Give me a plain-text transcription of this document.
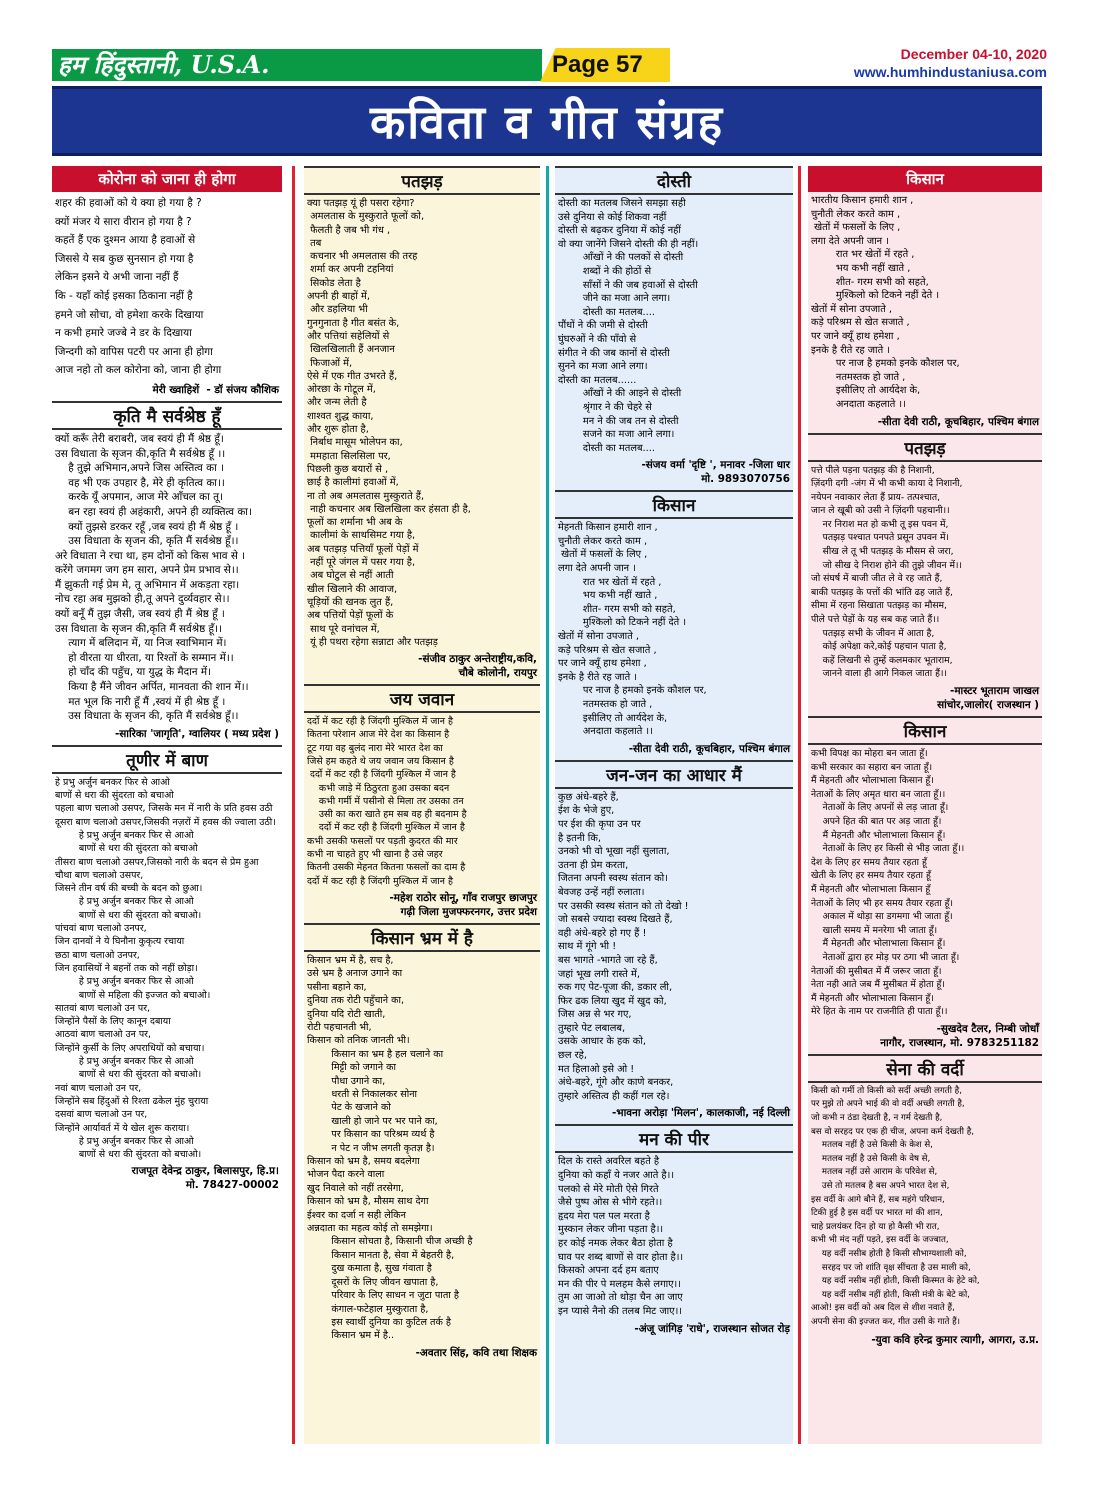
हम हिंदुस्तानी, U.S.A.	Page 57	December 04-10, 2020
www.humhindustaniusa.com
कविता व गीत संग्रह
कोरोना को जाना ही होगा
शहर की हवाओं को ये क्या हो गया है ?
क्यों मंजर ये सारा वीरान हो गया है ?
कहतें हैं एक दुश्मन आया है हवाओं से
जिससे ये सब कुछ सुनसान हो गया है
लेकिन इसने ये अभी जाना नहीं हैं
कि - यहाँ कोई इसका ठिकाना नहीं है
हमने जो सोचा, वो हमेशा करके दिखाया
न कभी हमारे जज्बे ने डर के दिखाया
जिन्दगी को वापिस पटरी पर आना ही होगा
आज नहो तो कल कोरोना को, जाना ही होगा
मेरी ख्वाहिशें  - डॉ संजय कौशिक
कृति मै सर्वश्रेष्ठ हूँ
क्यों करूँ तेरी बराबरी, जब स्वयं ही मैं श्रेष्ठ हूँ।
उस विधाता के सृजन की,कृति मै सर्वश्रेष्ठ हूँ ।।
है तुझे अभिमान,अपने जिस अस्तित्व का ।
वह भी एक उपहार है, मेरे ही कृतित्व का।।
करके यूँ अपमान, आज मेरे आँचल का तू।
बन रहा स्वयं ही अहंकारी, अपने ही व्यक्तित्व का।
क्यों तुझसे डरकर रहूँ ,जब स्वयं ही मैं श्रेष्ठ हूँ ।
उस विधाता के सृजन की, कृति मैं सर्वश्रेष्ठ हूँ।।
अरे विधाता ने रचा था, हम दोनों को किस भाव से ।
करेंगे जगमग जग हम सारा, अपने प्रेम प्रभाव से।।
मैं झुकती गई प्रेम मे, तू अभिमान में अकड़ता रहा।
नोच रहा अब मुझको ही,तू अपने दुर्व्यवहार से।।
क्यों बनूँ मैं तुझ जैसी, जब स्वयं ही मैं श्रेष्ठ हूँ ।
उस विधाता के सृजन की,कृति मैं सर्वश्रेष्ठ हूँ।।
त्याग में बलिदान में, या निज स्वाभिमान में।
हो वीरता या धीरता, या रिश्तों के सम्मान में।।
हो चाँद की पहुँच, या युद्ध के मैदान में।
किया है मैंने जीवन अर्पित, मानवता की शान में।।
मत भूल कि नारी हूँ मैं ,स्वयं में ही श्रेष्ठ हूँ ।
उस विधाता के सृजन की, कृति मैं सर्वश्रेष्ठ हूँ।।
-सारिका 'जागृति', ग्वालियर ( मध्य प्रदेश )
तूणीर में बाण
हे प्रभु अर्जुन बनकर फिर से आओ
बाणों से धरा की सुंदरता को बचाओ
पहला बाण चलाओ उसपर, जिसके मन में नारी के प्रति हवस उठी
दूसरा बाण चलाओ उसपर,जिसकी नज़रों में हवस की ज्वाला उठी।
हे प्रभु अर्जुन बनकर फिर से आओ
बाणों से धरा की सुंदरता को बचाओ
तीसरा बाण चलाओ उसपर,जिसको नारी के बदन से प्रेम हुआ
चौथा बाण चलाओ उसपर,
जिसने तीन वर्ष की बच्ची के बदन को छुआ।
हे प्रभु अर्जुन बनकर फिर से आओ
बाणों से धरा की सुंदरता को बचाओ।
पांचवां बाण चलाओ उनपर,
जिन दानवों ने ये घिनौना कुकृत्य रचाया
छठा बाण चलाओ उनपर,
जिन हवासियों ने बहनों तक को नहीं छोड़ा।
हे प्रभु अर्जुन बनकर फिर से आओ
बाणों से महिला की इज्जत को बचाओ।
सातवां बाण चलाओ उन पर,
जिन्होंने पैसों के लिए कानून दबाया
आठवां बाण चलाओ उन पर,
जिन्होंने कुर्सी के लिए अपराधियों को बचाया।
हे प्रभु अर्जुन बनकर फिर से आओ
बाणों से धरा की सुंदरता को बचाओ।
नवां बाण चलाओ उन पर,
जिन्होंने सब हिंदुओं से रिश्ता ढकेल मुंह चुराया
दसवां बाण चलाओ उन पर,
जिन्होंने आर्यावर्त में ये खेल शुरू कराया।
हे प्रभु अर्जुन बनकर फिर से आओ
बाणों से धरा की सुंदरता को बचाओ।
राजपूत देवेन्द्र ठाकुर, बिलासपुर, हि.प्र।
मो. 78427-00002
पतझड़
क्या पतझड़ यूं ही पसरा रहेगा?
अमलतास के मुस्कुराते फूलों को,
फैलती है जब भी गंध ,
तब
कचनार भी अमलतास की तरह
शर्मा कर अपनी टहनियां
सिकोड लेता है
अपनी ही बाहों में,
और डहलिया भी
गुनगुनाता है गीत बसंत के,
और पत्तियां सहेलियों से
खिलखिलाती हैं अनजान
फिजाओं में,
ऐसे में एक गीत उभरते हैं,
ओरछा के गोटूल में,
और जन्म लेती है
शाश्वत शुद्ध काया,
और शुरू होता है,
निर्बाध मासूम भोलेपन का,
ममहाता सिलसिला पर,
पिछली कुछ बयारों से ,
छाई है कालीमां हवाओं में,
ना तो अब अमलतास मुस्कुराते हैं,
नाही कचनार अब खिलखिला कर हंसता ही है,
फूलों का शर्माना भी अब के
कालीमां के साथसिमट गया है,
अब पतझड़ पत्तियाँ फूलों पेड़ों में
नहीं पूरे जंगल में पसर गया है,
अब घोटुल से नहीं आती
खील खिलाने की आवाज,
चूड़ियों की खनक लुत हैं,
अब पत्तियों पेड़ों फूलों के
साथ पूरे वनांचल में,
यूं ही पथरा रहेगा सन्नाटा और पतझड़
-संजीव ठाकुर अन्तेराष्ट्रीय,कवि,
चौबे कोलोनी, रायपुर
जय जवान
दर्दो में कट रही है जिंदगी मुश्किल में जान है
कितना परेशान आज मेरे देश का किसान है
टूट गया वह बुलंद नारा मेरे भारत देश का
जिसे हम कहते थे जय जवान जय किसान है
दर्दो में कट रही है जिंदगी मुश्किल में जान है
कभी जाड़े में ठिठुरता हुआ उसका बदन
कभी गर्मी में पसीनो से मिला तर उसका तन
उसी का करा खाते हम सब वह ही बदनाम है
दर्दो में कट रही है जिंदगी मुश्किल में जान है
कभी उसकी फसलों पर पड़ती कुदरत की मार
कभी ना चाहते हुए भी खाना है उसे जहर
कितनी उसकी मेहनत कितना फसलों का दाम है
दर्दो में कट रही है जिंदगी मुश्किल में जान है
-महेश राठोर सोनू, गाँव राजपुर छाजपुर
गढ़ी जिला मुजफ्फरनगर, उत्तर प्रदेश
किसान भ्रम में है
किसान भ्रम में है, सच है,
उसे भ्रम है अनाज उगाने का
पसीना बहाने का,
दुनिया तक रोटी पहुँचाने का,
दुनिया यदि रोटी खाती,
रोटी पहचानती भी,
किसान को तनिक जानती भी।
किसान का भ्रम है हल चलाने का
मिट्टी को जगाने का
पौधा उगाने का,
धरती से निकालकर सोना
पेट के खजाने को
खाली हो जाने पर भर पाने का,
पर किसान का परिश्रम व्यर्थ है
न पेट न जीभ लगती कृतज्ञ है।
किसान को भ्रम है, समय बदलेगा
भोजन पैदा करने वाला
खुद निवाले को नहीं तरसेगा,
किसान को भ्रम है, मौसम साथ देगा
ईश्वर का दर्जा न सही लेकिन
अन्नदाता का महत्व कोई तो समझेगा।
किसान सोचता है, किसानी चीज अच्छी है
किसान मानता है, सेवा में बेहतरी है,
दुख कमाता है, सुख गंवाता है
दूसरों के लिए जीवन खपाता है,
परिवार के लिए साधन न जुटा पाता है
कंगाल-फटेहाल मुस्कुराता है,
इस स्वार्थी दुनिया का कुटिल तर्क है
किसान भ्रम में है..
-अवतार सिंह, कवि तथा शिक्षक
दोस्ती
दोस्ती का मतलब जिसने समझा सही
उसे दुनिया से कोई शिकवा नहीं
दोस्ती से बढ़कर दुनिया में कोई नहीं
वो क्या जानेंगे जिसने दोस्ती की ही नहीं।
आँखों ने की पलकों से दोस्ती
शब्दों ने की होठों से
साँसों ने की जब हवाओं से दोस्ती
जीने का मजा आने लगा।
दोस्ती का मतलब....
पौंधों ने की जमी से दोस्ती
घुंघरुओं ने की पाँवो से
संगीत ने की जब कानों से दोस्ती
सुनने का मजा आने लगा।
दोस्ती का मतलब......
आँखों ने की आइने से दोस्ती
श्रृंगार ने की चेहरे से
मन ने की जब तन से दोस्ती
सजने का मजा आने लगा।
दोस्ती का मतलब....
-संजय वर्मा 'दृष्टि ', मनावर -जिला धार
मो. 9893070756
किसान
मेहनती किसान हमारी शान ,
चुनौती लेकर करते काम ,
खेतों में फसलों के लिए ,
लगा देते अपनी जान ।
रात भर खेतों में रहते ,
भय कभी नहीं खाते ,
शीत- गरम सभी को सहते,
मुश्किलो को टिकने नहीं देते ।
खेतों में सोना उपजाते ,
कड़े परिश्रम से खेत सजाते ,
पर जाने क्यूँ हाथ हमेशा ,
इनके है रीते रह जाते ।
पर नाज है हमको इनके कौशल पर,
नतमस्तक हो जाते ,
इसीलिए तो आर्यदेश के,
अनदाता कहलाते ।।
-सीता देवी राठी, कूचबिहार, पश्चिम बंगाल
जन-जन का आधार मैं
कुछ अंधे-बहरे हैं,
ईश के भेजे हुए,
पर ईश की कृपा उन पर
है इतनी कि,
उनको भी वो भूखा नहीं सुलाता,
उतना ही प्रेम करता,
जितना अपनी स्वस्थ संतान को।
बेवजह उन्हें नहीं रुलाता।
पर उसकी स्वस्थ संतान को तो देखो !
जो सबसे ज्यादा स्वस्थ दिखते हैं,
वही अंधे-बहरे हो गए हैं !
साथ में गूंगे भी !
बस भागते -भागते जा रहे हैं,
जहां भूख लगी रास्ते में,
रुक गए पेट-पूजा की, डकार ली,
फिर ढक लिया खुद में खुद को,
जिस अन्न से भर गए,
तुम्हारे पेट लबालब,
उसके आधार के हक को,
छल रहे,
मत हिलाओ इसे ओ !
अंधे-बहरे, गूंगे और काणे बनकर,
तुम्हारे अस्तित्व ही कहीं गल रहे।
-भावना अरोड़ा 'मिलन', कालकाजी, नई दिल्ली
मन की पीर
दिल के रास्ते अवरिल बहते है
दुनिया को कहाँ ये नजर आते है।।
पलको से मेरे मोती ऐसे गिरते
जैसे पुष्प ओस से भीगे रहते।।
हृदय मेरा पल पल मरता है
मुस्कान लेकर जीना पड़ता है।।
हर कोई नमक लेकर बैठा होता है
घाव पर शब्द बाणों से वार होता है।।
किसको अपना दर्द हम बताए
मन की पीर पे मलहम कैसे लगाए।।
तुम आ जाओ तो थोड़ा चैन आ जाए
इन प्यासे नैनो की तलब मिट जाए।।
-अंजू जांगिड़ 'राधे', राजस्थान सोजत रोड़
किसान
भारतीय किसान हमारी शान ,
चुनौती लेकर करते काम ,
खेतों में फसलों के लिए ,
लगा देते अपनी जान ।
रात भर खेतों में रहते ,
भय कभी नहीं खाते ,
शीत- गरम सभी को सहते,
मुश्किलो को टिकने नहीं देते ।
खेतों में सोना उपजाते ,
कड़े परिश्रम से खेत सजाते ,
पर जाने क्यूँ हाथ हमेशा ,
इनके है रीते रह जाते ।
पर नाज है हमको इनके कौशल पर,
नतमस्तक हो जाते ,
इसीलिए तो आर्यदेश के,
अनदाता कहलाते ।।
-सीता देवी राठी, कूचबिहार, पश्चिम बंगाल
पतझड़
पत्ते पीले पड़ना पतझड़ की है निशानी,
ज़िंदगी दगी -जंग में भी कभी काया दे निशानी,
नयेपन नवाकार लेता हैं प्राय- तत्पश्चात,
जान ले खूबी को उसी ने ज़िंदगी पहचानी।।
नर निराश मत हो कभी तू इस पवन में,
पतझड़ पश्चात पनपते प्रसून उपवन में।
सीख ले तू भी पतझड़ के मौसम से जरा,
जो सीख दे निराश होने की तुझे जीवन में।।
जो संघर्ष में बाजी जीत ले वे रह जाते हैं,
बाकी पतझड़ के पत्तों की भांति ढह जाते हैं,
सीमा में रहना सिखाता पतझड़ का मौसम,
पीले पत्ते पेड़ों के यह सब कह जाते हैं।।
पतझड़ सभी के जीवन में आता है,
कोई अपेक्षा करे,कोई पहचान पाता है,
कहें लिखनी से तुम्हें कलमकार भूताराम,
जानने वाला ही आगे निकल जाता हैं।।
-मास्टर भूताराम जाखल
सांचोर,जालोर( राजस्थान )
किसान
कभी विपक्ष का मोहरा बन जाता हूँ।
कभी सरकार का सहारा बन जाता हूँ।
मैं मेहनती और भोलाभाला किसान हूँ।
नेताओं के लिए अमृत धारा बन जाता हूँ।।
नेताओं के लिए अपनों से लड़ जाता हूँ।
अपने हित की बात पर अड़ जाता हूँ।
मैं मेहनती और भोलाभाला किसान हूँ।
नेताओं के लिए हर किसी से भीड़ जाता हूँ।।
देश के लिए हर समय तैयार रहता हूँ
खेती के लिए हर समय तैयार रहता हूँ
मैं मेहनती और भोलाभाला किसान हूँ
नेताओं के लिए भी हर समय तैयार रहता हूँ।
अकाल में थोड़ा सा डगमगा भी जाता हूँ।
खाली समय में मनरेगा भी जाता हूँ।
मैं मेहनती और भोलाभाला किसान हूँ।
नेताओं द्वारा हर मोड़ पर ठगा भी जाता हूँ।
नेताओं की मुसीबत में मैं जरूर जाता हूँ।
नेता नही आते जब मैं मुसीबत में होता हूँ।
मैं मेहनती और भोलाभाला किसान हूँ।
मेरे हित के नाम पर राजनीति ही पाता हूँ।।
-सुखदेव टैलर, निम्बी जोधाँ
नागौर, राजस्थान, मो. 9783251182
सेना की वर्दी
किसी को गर्मी तो किसी को सर्दी अच्छी लगती है,
पर मुझे तो अपने भाई की वो वर्दी अच्छी लगती है,
जो कभी न ठंडा देखती है, न गर्म देखती है,
बस वो सरहद पर एक ही चीज, अपना कर्म देखती है,
मतलब नहीं है उसे किसी के केश से,
मतलब नहीं है उसे किसी के वेष से,
मतलब नहीं उसे आराम के परिवेश से,
उसे तो मतलब है बस अपने भारत देश से,
इस वर्दी के आगे बौने हैं, सब महंगे परिधान,
टिकी हुई है इस वर्दी पर भारत मां की शान,
चाहे प्रलयंकर दिन हो या हो कैसी भी रात,
कभी भी मंद नहीं पड़ते, इस वर्दी के जज्बात,
यह वर्दी नसीब होती है किसी सौभाग्यशाली को,
सरहद पर जो शांति वृक्ष सींचता है उस माली को,
यह वर्दी नसीब नहीं होती, किसी किस्मत के हेटे को,
यह वर्दी नसीब नहीं होती, किसी मंत्री के बेटे को,
आओ! इस वर्दी को अब दिल से शीश नवाते हैं,
अपनी सेना की इज्जत कर, गीत उसी के गाते हैं।
-युवा कवि हरेन्द्र कुमार त्यागी, आगरा, उ.प्र.
